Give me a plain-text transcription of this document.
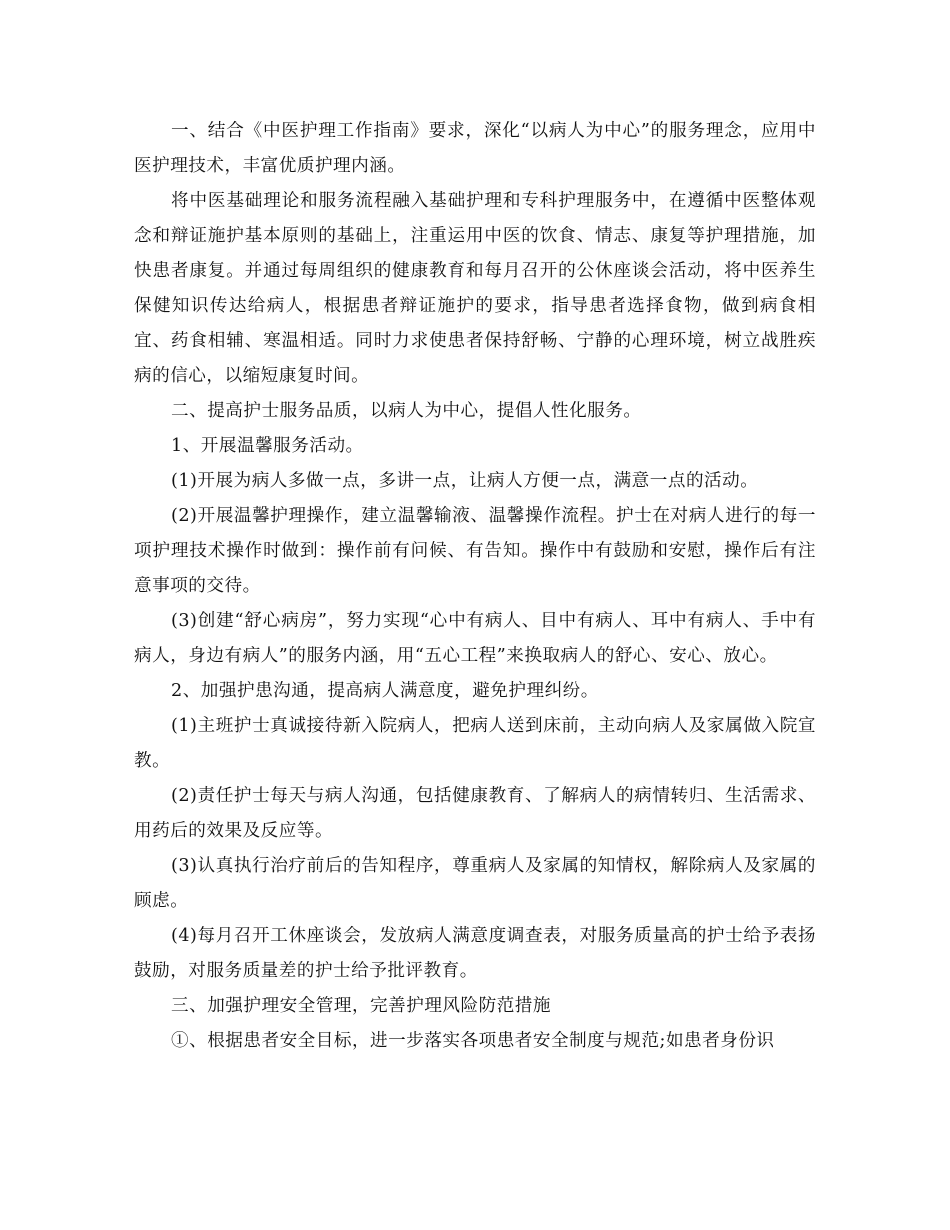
一、结合《中医护理工作指南》要求，深化“以病人为中心”的服务理念，应用中医护理技术，丰富优质护理内涵。

将中医基础理论和服务流程融入基础护理和专科护理服务中，在遵循中医整体观念和辩证施护基本原则的基础上，注重运用中医的饮食、情志、康复等护理措施，加快患者康复。并通过每周组织的健康教育和每月召开的公休座谈会活动，将中医养生保健知识传达给病人，根据患者辩证施护的要求，指导患者选择食物，做到病食相宜、药食相辅、寒温相适。同时力求使患者保持舒畅、宁静的心理环境，树立战胜疾病的信心，以缩短康复时间。

二、提高护士服务品质，以病人为中心，提倡人性化服务。

1、开展温馨服务活动。

(1)开展为病人多做一点，多讲一点，让病人方便一点，满意一点的活动。

(2)开展温馨护理操作，建立温馨输液、温馨操作流程。护士在对病人进行的每一项护理技术操作时做到：操作前有问候、有告知。操作中有鼓励和安慰，操作后有注意事项的交待。

(3)创建“舒心病房”，努力实现“心中有病人、目中有病人、耳中有病人、手中有病人，身边有病人”的服务内涵，用“五心工程”来换取病人的舒心、安心、放心。

2、加强护患沟通，提高病人满意度，避免护理纠纷。

(1)主班护士真诚接待新入院病人，把病人送到床前，主动向病人及家属做入院宣教。

(2)责任护士每天与病人沟通，包括健康教育、了解病人的病情转归、生活需求、用药后的效果及反应等。

(3)认真执行治疗前后的告知程序，尊重病人及家属的知情权，解除病人及家属的顾虑。

(4)每月召开工休座谈会，发放病人满意度调查表，对服务质量高的护士给予表扬鼓励，对服务质量差的护士给予批评教育。

三、加强护理安全管理，完善护理风险防范措施

①、根据患者安全目标，进一步落实各项患者安全制度与规范;如患者身份识
